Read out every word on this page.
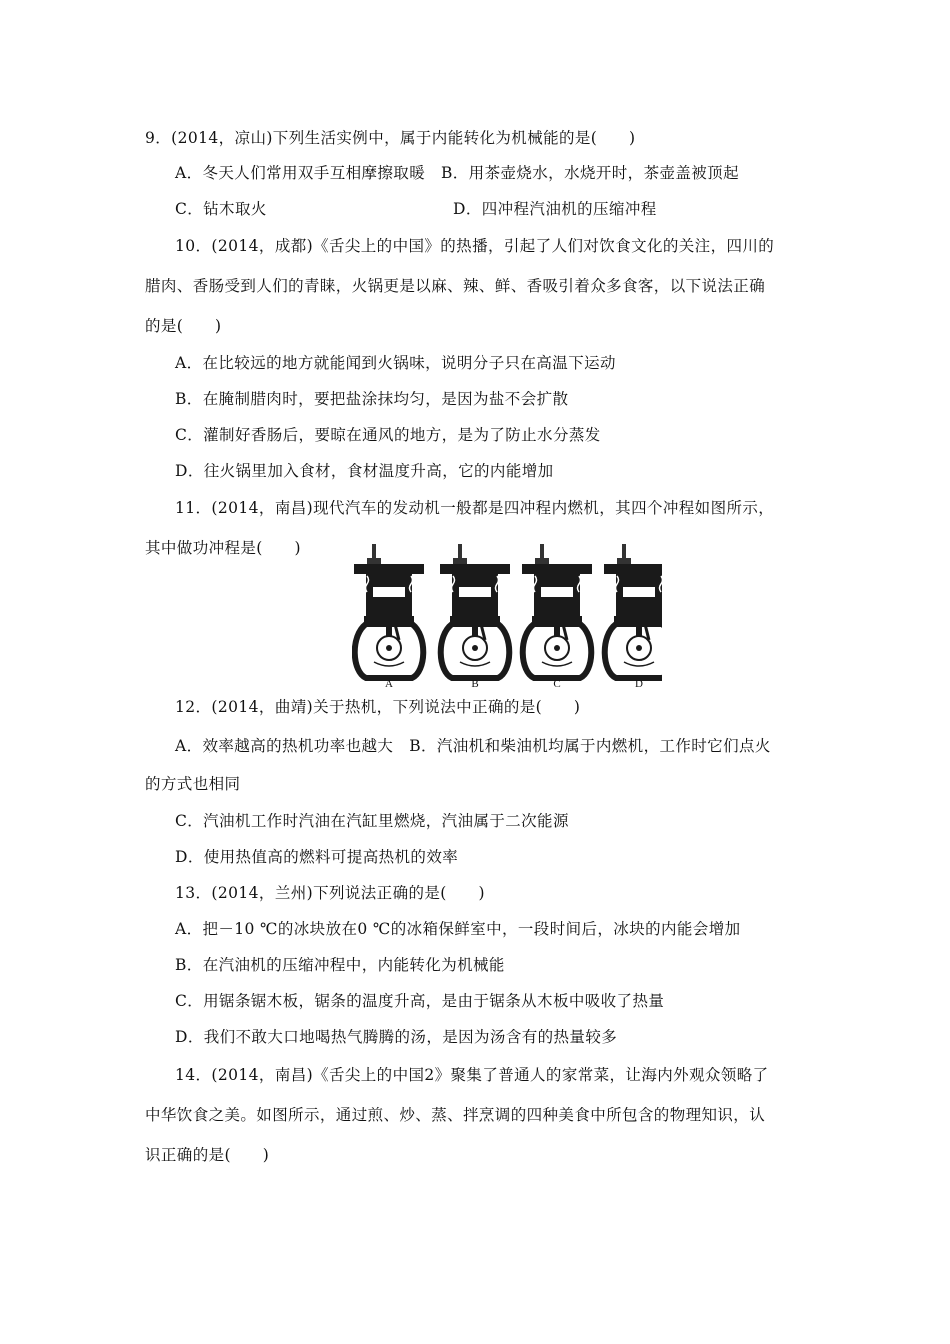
9．(2014，凉山)下列生活实例中，属于内能转化为机械能的是(　　)
A．冬天人们常用双手互相摩擦取暖　B．用茶壶烧水，水烧开时，茶壶盖被顶起
C．钻木取火	D．四冲程汽油机的压缩冲程
10．(2014，成都)《舌尖上的中国》的热播，引起了人们对饮食文化的关注，四川的
腊肉、香肠受到人们的青睐，火锅更是以麻、辣、鲜、香吸引着众多食客，以下说法正确
的是(　　)
A．在比较远的地方就能闻到火锅味，说明分子只在高温下运动
B．在腌制腊肉时，要把盐涂抹均匀，是因为盐不会扩散
C．灌制好香肠后，要晾在通风的地方，是为了防止水分蒸发
D．往火锅里加入食材，食材温度升高，它的内能增加
11．(2014，南昌)现代汽车的发动机一般都是四冲程内燃机，其四个冲程如图所示，
其中做功冲程是(　　)
A	B	C	D
12．(2014，曲靖)关于热机，下列说法中正确的是(　　)
A．效率越高的热机功率也越大　B．汽油机和柴油机均属于内燃机，工作时它们点火
的方式也相同
C．汽油机工作时汽油在汽缸里燃烧，汽油属于二次能源
D．使用热值高的燃料可提高热机的效率
13．(2014，兰州)下列说法正确的是(　　)
A．把－10 ℃的冰块放在0 ℃的冰箱保鲜室中，一段时间后，冰块的内能会增加
B．在汽油机的压缩冲程中，内能转化为机械能
C．用锯条锯木板，锯条的温度升高，是由于锯条从木板中吸收了热量
D．我们不敢大口地喝热气腾腾的汤，是因为汤含有的热量较多
14．(2014，南昌)《舌尖上的中国2》聚集了普通人的家常菜，让海内外观众领略了
中华饮食之美。如图所示，通过煎、炒、蒸、拌烹调的四种美食中所包含的物理知识，认
识正确的是(　　)
